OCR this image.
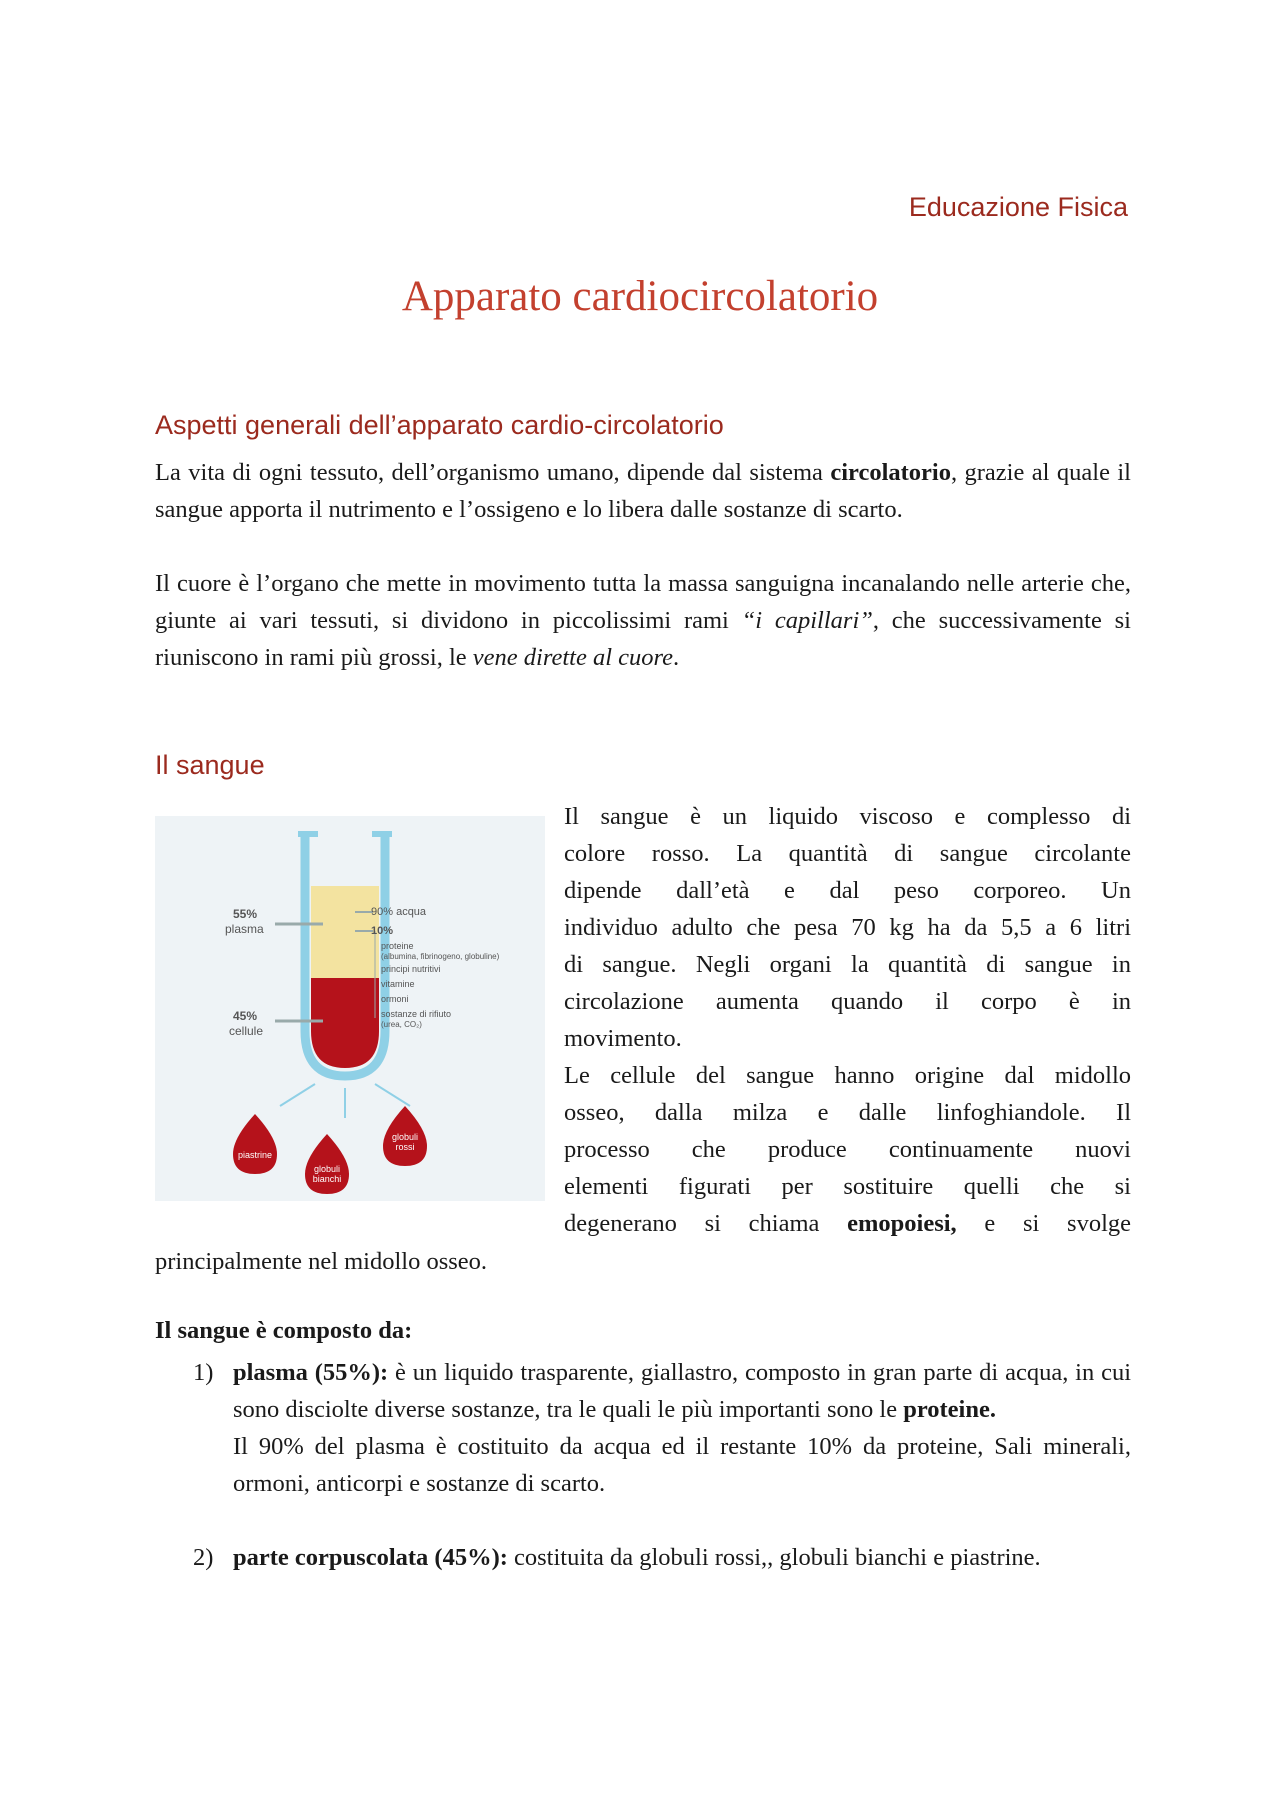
Educazione Fisica
Apparato cardiocircolatorio
Aspetti generali dell’apparato cardio-circolatorio

La vita di ogni tessuto, dell’organismo umano, dipende dal sistema circolatorio, grazie al quale il sangue apporta il nutrimento e l’ossigeno e lo libera dalle sostanze di scarto.

Il cuore è l’organo che mette in movimento tutta la massa sanguigna incanalando nelle arterie che, giunte ai vari tessuti, si dividono in piccolissimi rami “i capillari”, che successivamente si riuniscono in rami più grossi, le vene dirette al cuore.

Il sangue
55%
plasma
45%
cellule
90% acqua
10%
proteine
(albumina, fibrinogeno, globuline)
principi nutritivi
vitamine
ormoni
sostanze di rifiuto
(urea, CO₂)
piastrine
globuli
bianchi
globuli
rossi
Il sangue è un liquido viscoso e complesso di
colore rosso. La quantità di sangue circolante
dipende dall’età e dal peso corporeo. Un
individuo adulto che pesa 70 kg ha da 5,5 a 6 litri
di sangue. Negli organi la quantità di sangue in
circolazione aumenta quando il corpo è in
movimento.
Le cellule del sangue hanno origine dal midollo
osseo, dalla milza e dalle linfoghiandole. Il
processo che produce continuamente nuovi
elementi figurati per sostituire quelli che si
degenerano si chiama emopoiesi, e si svolge

principalmente nel midollo osseo.

Il sangue è composto da:
1) plasma (55%): è un liquido trasparente, giallastro, composto in gran parte di acqua, in cui sono disciolte diverse sostanze, tra le quali le più importanti sono le proteine.
Il 90% del plasma è costituito da acqua ed il restante 10% da proteine, Sali minerali, ormoni, anticorpi e sostanze di scarto.
2) parte corpuscolata (45%): costituita da globuli rossi,, globuli bianchi e piastrine.
